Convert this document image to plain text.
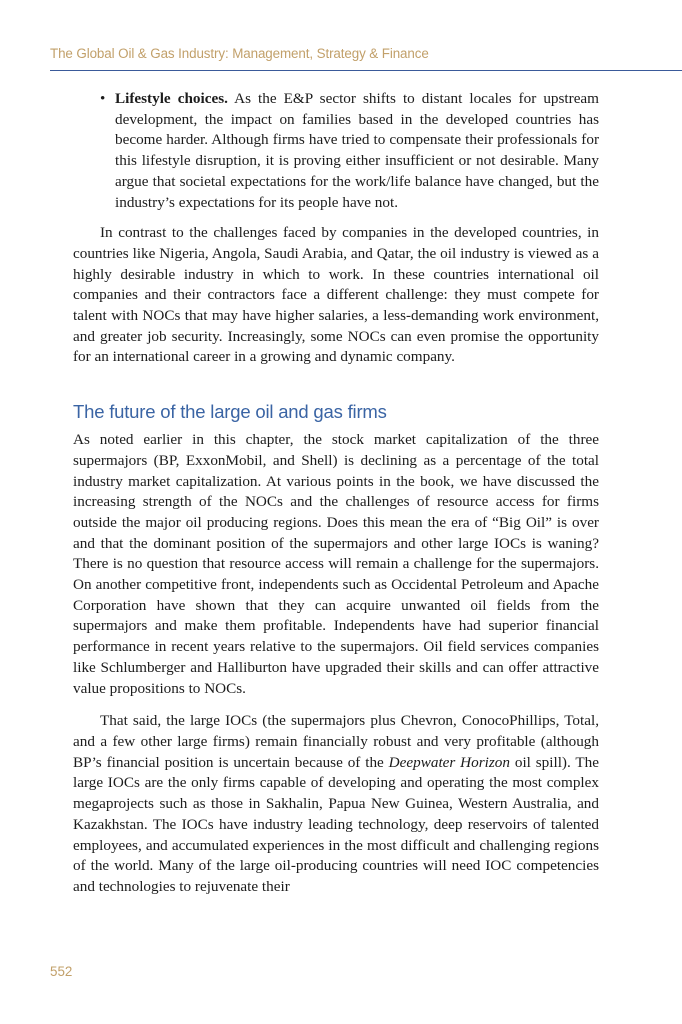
The Global Oil & Gas Industry: Management, Strategy & Finance
• Lifestyle choices. As the E&P sector shifts to distant locales for upstream development, the impact on families based in the developed countries has become harder. Although firms have tried to compensate their professionals for this lifestyle disruption, it is proving either insufficient or not desirable. Many argue that societal expectations for the work/life balance have changed, but the industry’s expectations for its people have not.

In contrast to the challenges faced by companies in the developed countries, in countries like Nigeria, Angola, Saudi Arabia, and Qatar, the oil industry is viewed as a highly desirable industry in which to work. In these countries international oil companies and their contractors face a different challenge: they must compete for talent with NOCs that may have higher salaries, a less-demanding work environment, and greater job security. Increasingly, some NOCs can even promise the opportunity for an international career in a growing and dynamic company.

The future of the large oil and gas firms

As noted earlier in this chapter, the stock market capitalization of the three supermajors (BP, ExxonMobil, and Shell) is declining as a percentage of the total industry market capitalization. At various points in the book, we have discussed the increasing strength of the NOCs and the challenges of resource access for firms outside the major oil producing regions. Does this mean the era of “Big Oil” is over and that the dominant position of the supermajors and other large IOCs is waning? There is no question that resource access will remain a challenge for the supermajors. On another competitive front, independents such as Occidental Petroleum and Apache Corporation have shown that they can acquire unwanted oil fields from the supermajors and make them profitable. Independents have had superior financial performance in recent years relative to the supermajors. Oil field services companies like Schlumberger and Halliburton have upgraded their skills and can offer attractive value propositions to NOCs.

That said, the large IOCs (the supermajors plus Chevron, ConocoPhillips, Total, and a few other large firms) remain financially robust and very profitable (although BP’s financial position is uncertain because of the Deepwater Horizon oil spill). The large IOCs are the only firms capable of developing and operating the most complex megaprojects such as those in Sakhalin, Papua New Guinea, Western Australia, and Kazakhstan. The IOCs have industry leading technology, deep reservoirs of talented employees, and accumulated experiences in the most difficult and challenging regions of the world. Many of the large oil-producing countries will need IOC competencies and technologies to rejuvenate their

552
